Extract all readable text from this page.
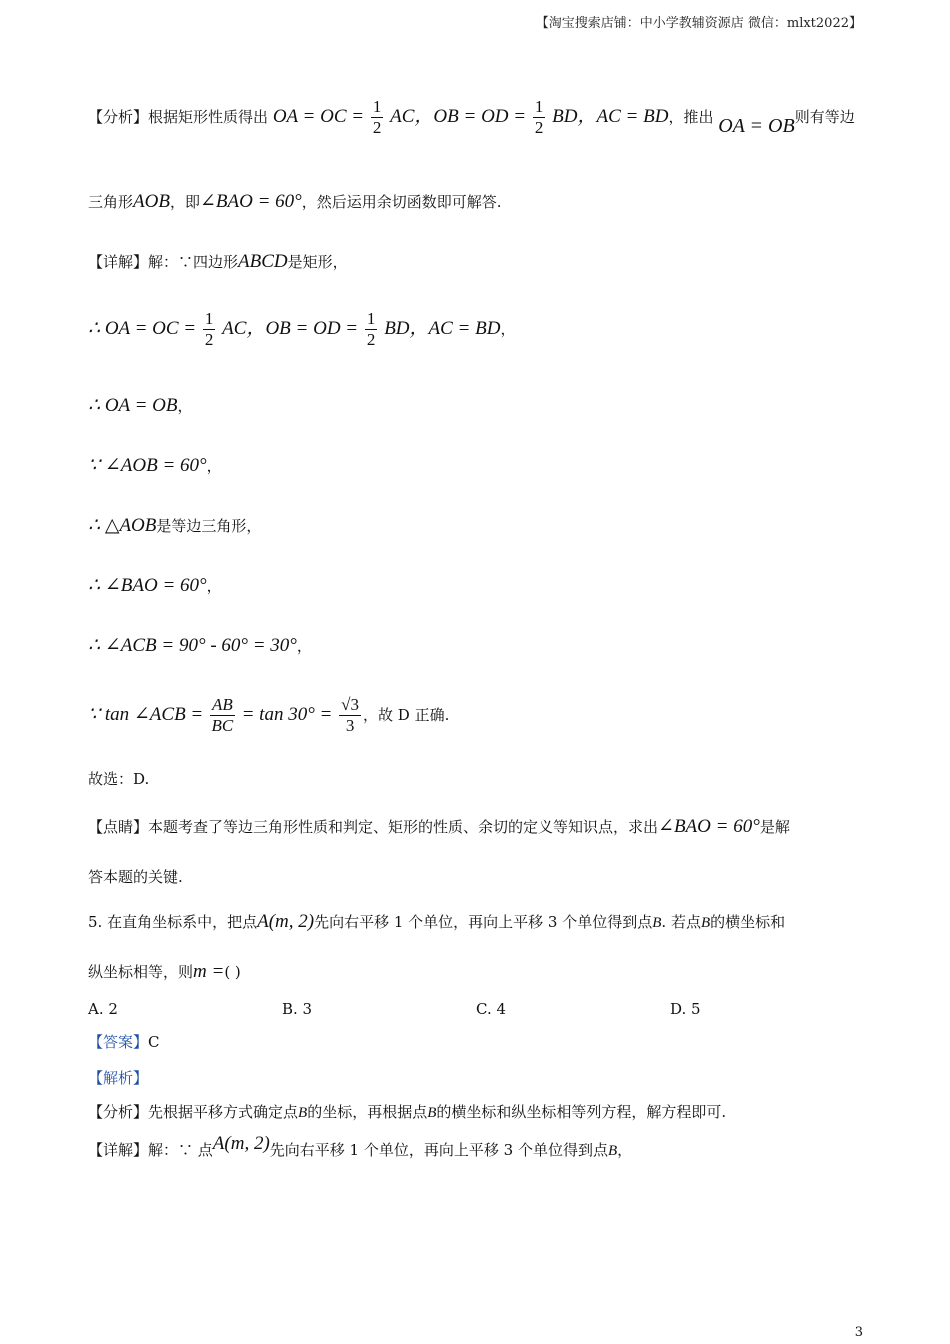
【淘宝搜索店铺：中小学教辅资源店 微信：mlxt2022】
【分析】根据矩形性质得出 OA = OC = $\frac{1}{2}$ AC，OB = OD = $\frac{1}{2}$ BD，AC = BD，推出 OA = OB则有等边
三角形AOB，即∠BAO = 60°，然后运用余切函数即可解答.
【详解】解：∵四边形ABCD是矩形，
∴ OA = OC = $\frac{1}{2}$ AC，OB = OD = $\frac{1}{2}$ BD，AC = BD，
∴ OA = OB，
∵ ∠AOB = 60°，
∴ △AOB是等边三角形，
∴ ∠BAO = 60°，
∴ ∠ACB = 90° - 60° = 30°，
∵ tan ∠ACB = $\frac{AB}{BC} = \tan 30^\circ = \frac{√3}{3}$ ，故 D 正确.
故选：D.
【点睛】本题考查了等边三角形性质和判定、矩形的性质、余切的定义等知识点，求出∠BAO = 60°是解
答本题的关键.
5. 在直角坐标系中，把点A(m, 2)先向右平移 1 个单位，再向上平移 3 个单位得到点B. 若点B的横坐标和
纵坐标相等，则m =( )
A. 2	B. 3	C. 4	D. 5
【答案】C
【解析】
【分析】先根据平移方式确定点B的坐标，再根据点B的横坐标和纵坐标相等列方程，解方程即可.
【详解】解：∵ 点A(m, 2)先向右平移 1 个单位，再向上平移 3 个单位得到点B，
3
